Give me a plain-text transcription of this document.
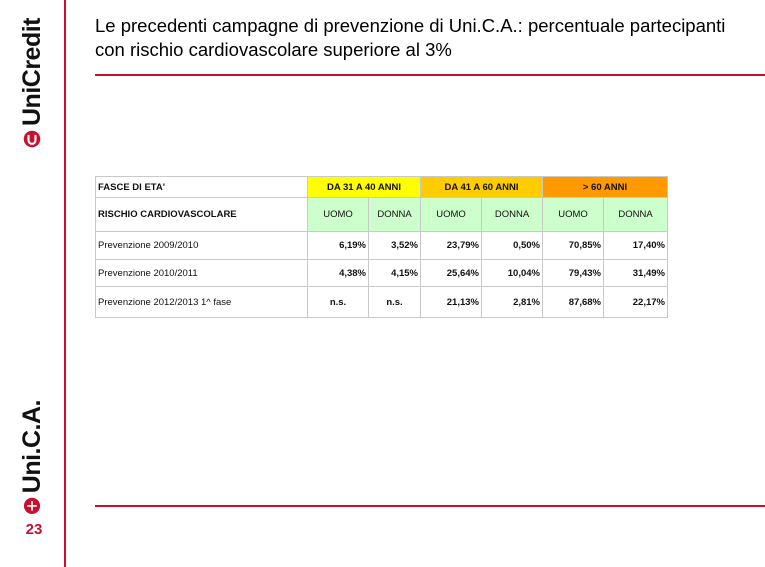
UniCredit
Uni.C.A.
23
Le precedenti campagne di prevenzione di Uni.C.A.: percentuale partecipanti con rischio cardiovascolare superiore al 3%
FASCE DI ETA'	DA 31 A 40 ANNI		DA 41 A 60 ANNI		> 60 ANNI	
RISCHIO CARDIOVASCOLARE	UOMO	DONNA	UOMO	DONNA	UOMO	DONNA
Prevenzione 2009/2010	6,19%	3,52%	23,79%	0,50%	70,85%	17,40%
Prevenzione 2010/2011	4,38%	4,15%	25,64%	10,04%	79,43%	31,49%
Prevenzione 2012/2013 1^ fase	n.s.	n.s.	21,13%	2,81%	87,68%	22,17%
